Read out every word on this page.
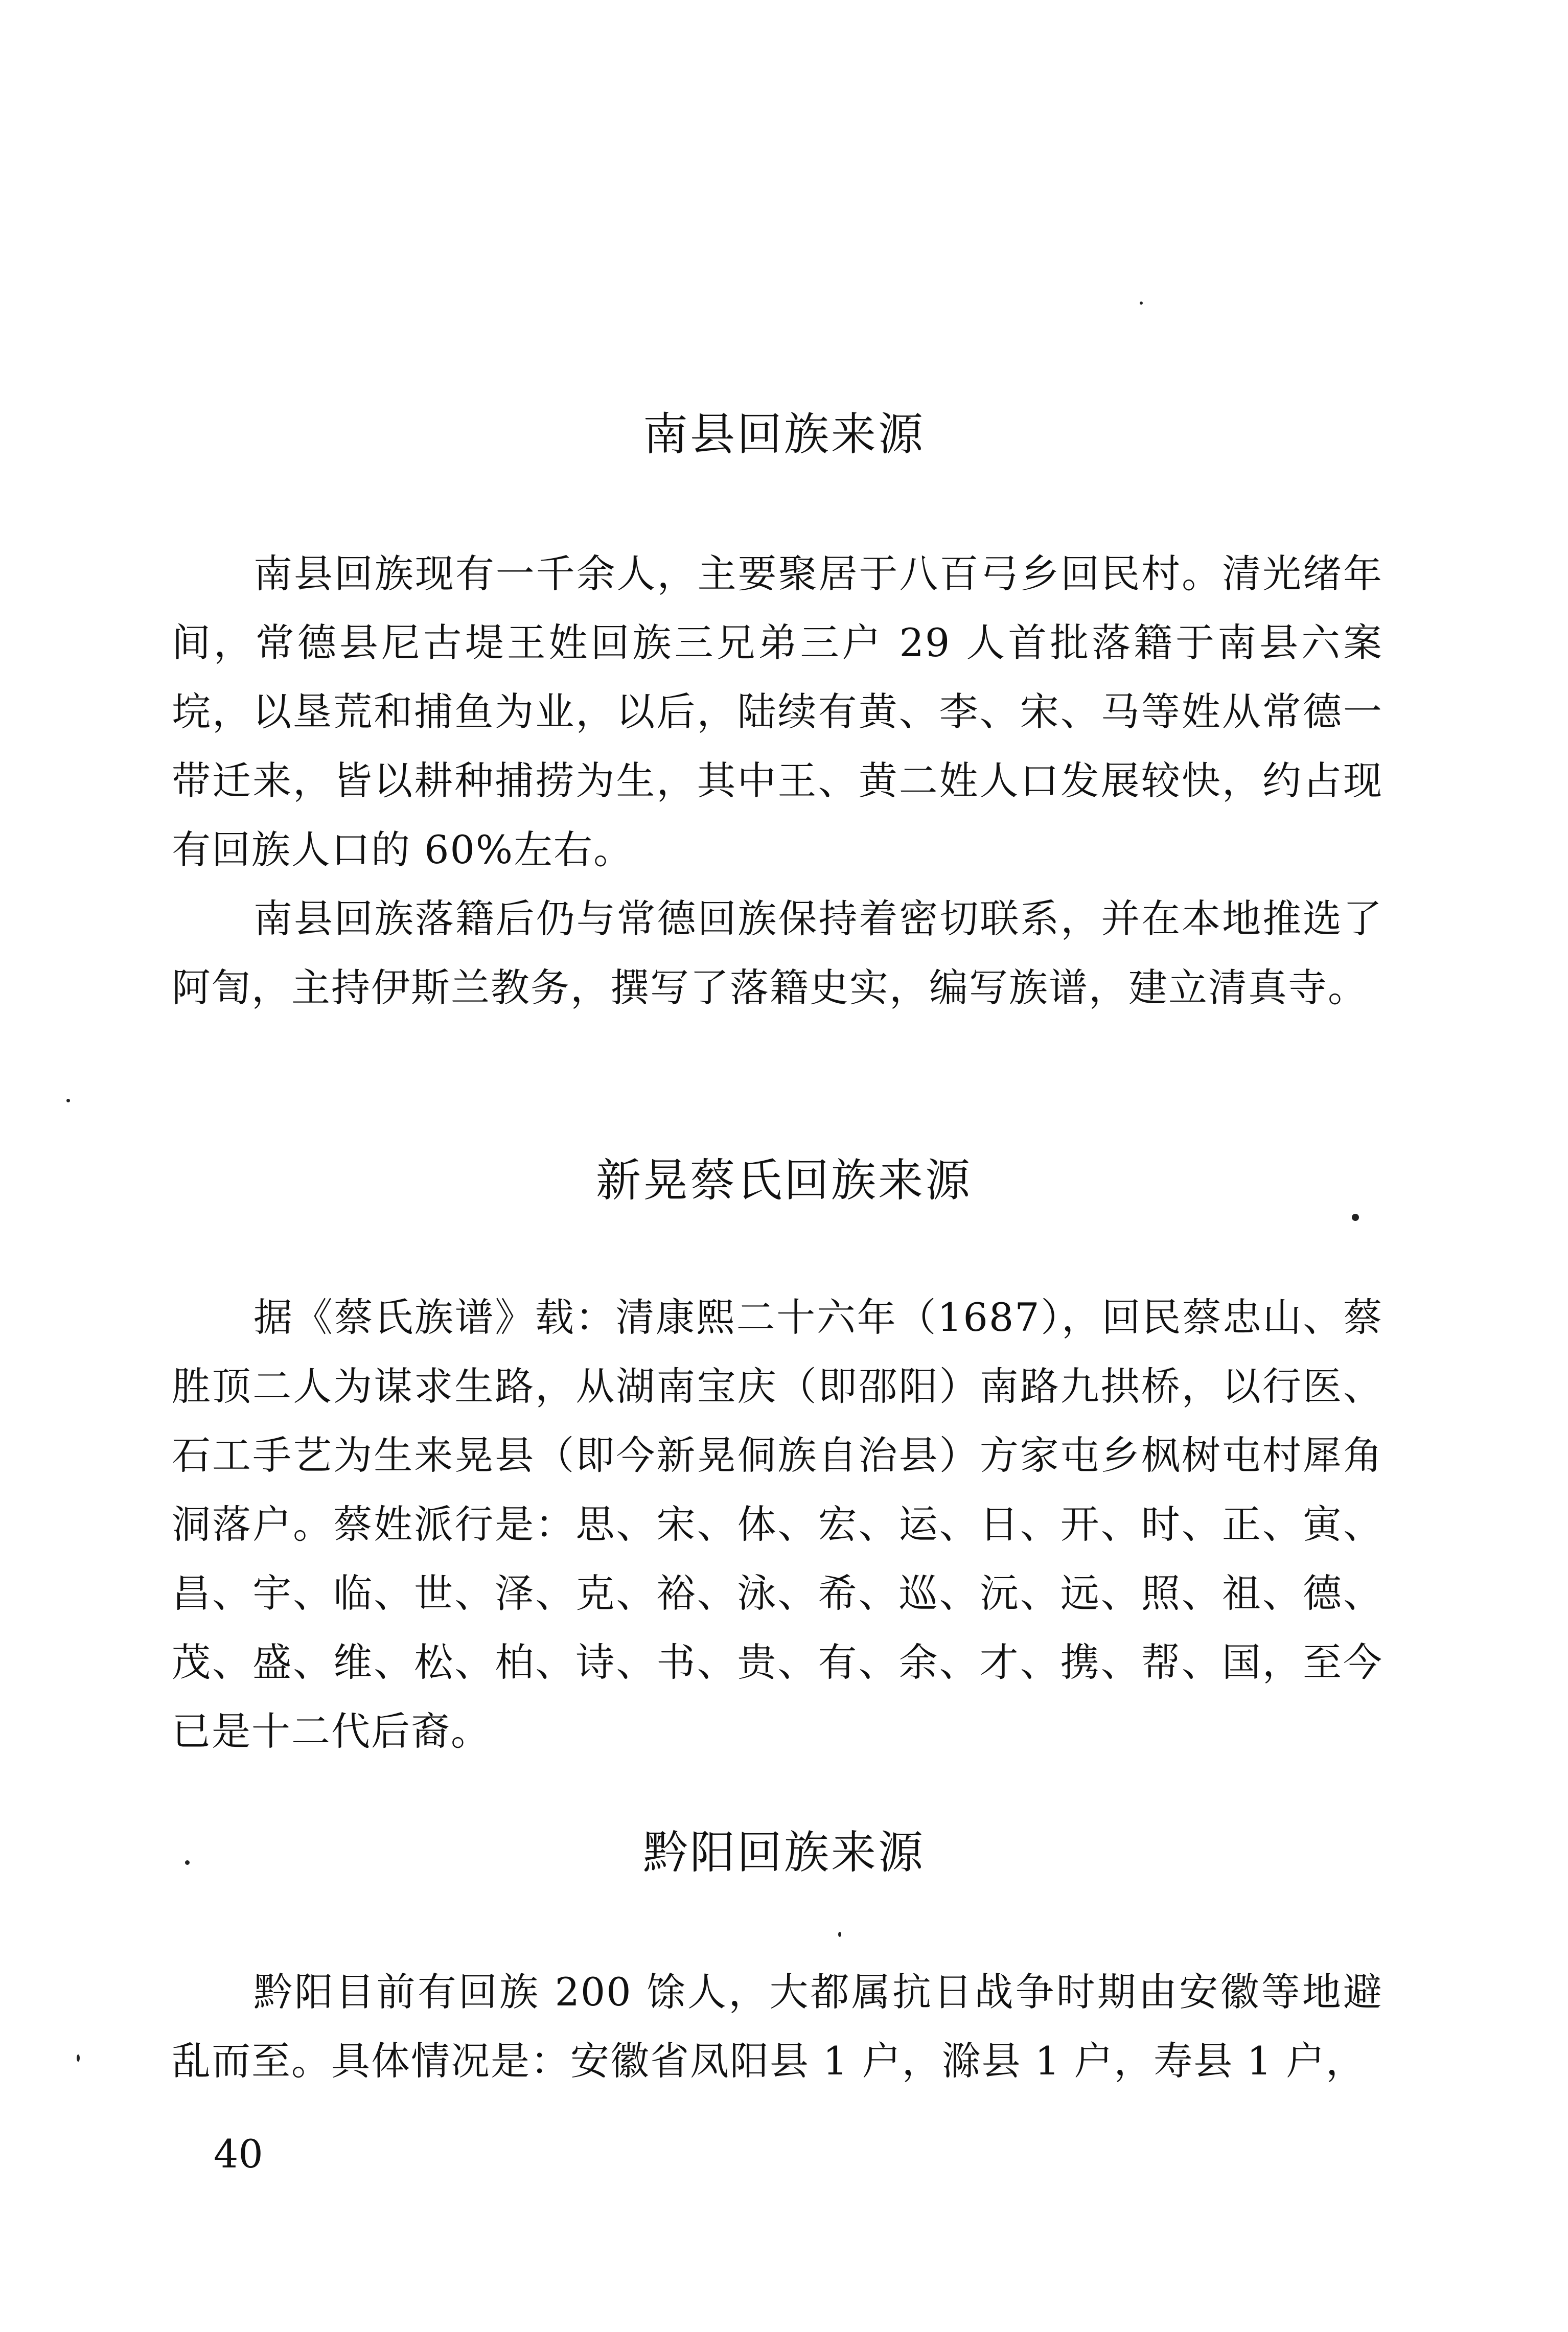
南县回族来源

南县回族现有一千余人，主要聚居于八百弓乡回民村。清光绪年间，常德县尼古堤王姓回族三兄弟三户 29 人首批落籍于南县六案垸，以垦荒和捕鱼为业，以后，陆续有黄、李、宋、马等姓从常德一带迁来，皆以耕种捕捞为生，其中王、黄二姓人口发展较快，约占现有回族人口的 60%左右。

南县回族落籍后仍与常德回族保持着密切联系，并在本地推选了阿訇，主持伊斯兰教务，撰写了落籍史实，编写族谱，建立清真寺。

新晃蔡氏回族来源

据《蔡氏族谱》载：清康熙二十六年（1687），回民蔡忠山、蔡胜顶二人为谋求生路，从湖南宝庆（即邵阳）南路九拱桥，以行医、石工手艺为生来晃县（即今新晃侗族自治县）方家屯乡枫树屯村犀角洞落户。蔡姓派行是：思、宋、体、宏、运、日、开、时、正、寅、昌、宇、临、世、泽、克、裕、泳、希、巡、沅、远、照、祖、德、茂、盛、维、松、柏、诗、书、贵、有、余、才、携、帮、国，至今已是十二代后裔。

黔阳回族来源

黔阳目前有回族 200 馀人，大都属抗日战争时期由安徽等地避乱而至。具体情况是：安徽省凤阳县 1 户，滁县 1 户，寿县 1 户，

40
